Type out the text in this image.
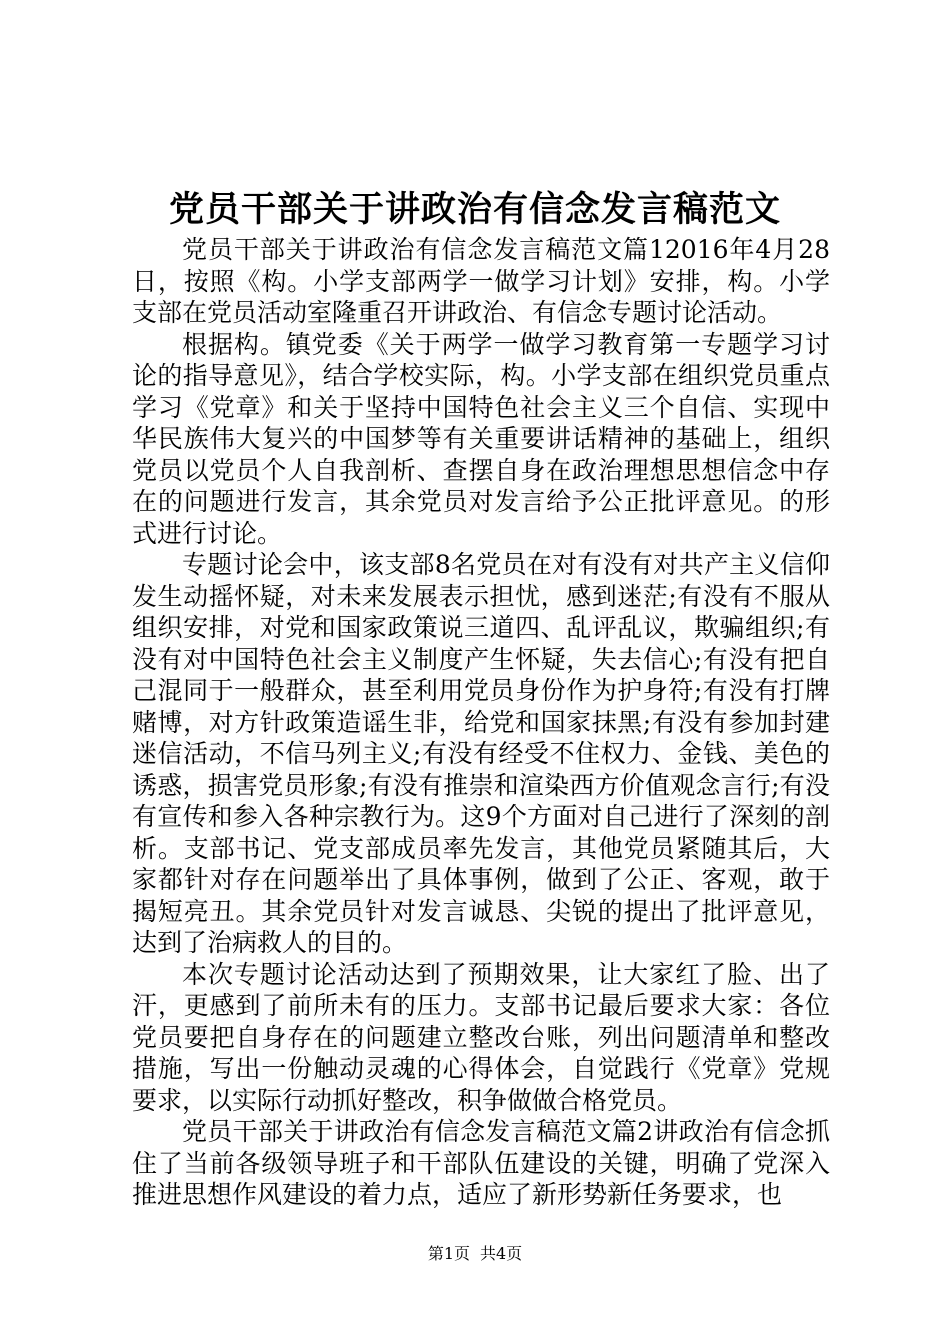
党员干部关于讲政治有信念发言稿范文

党员干部关于讲政治有信念发言稿范文篇12016年4月28日，按照《构。小学支部两学一做学习计划》安排，构。小学支部在党员活动室隆重召开讲政治、有信念专题讨论活动。

根据构。镇党委《关于两学一做学习教育第一专题学习讨论的指导意见》，结合学校实际，构。小学支部在组织党员重点学习《党章》和关于坚持中国特色社会主义三个自信、实现中华民族伟大复兴的中国梦等有关重要讲话精神的基础上，组织党员以党员个人自我剖析、查摆自身在政治理想思想信念中存在的问题进行发言，其余党员对发言给予公正批评意见。的形式进行讨论。

专题讨论会中，该支部8名党员在对有没有对共产主义信仰发生动摇怀疑，对未来发展表示担忧，感到迷茫;有没有不服从组织安排，对党和国家政策说三道四、乱评乱议，欺骗组织;有没有对中国特色社会主义制度产生怀疑，失去信心;有没有把自己混同于一般群众，甚至利用党员身份作为护身符;有没有打牌赌博，对方针政策造谣生非，给党和国家抹黑;有没有参加封建迷信活动，不信马列主义;有没有经受不住权力、金钱、美色的诱惑，损害党员形象;有没有推崇和渲染西方价值观念言行;有没有宣传和参入各种宗教行为。这9个方面对自己进行了深刻的剖析。支部书记、党支部成员率先发言，其他党员紧随其后，大家都针对存在问题举出了具体事例，做到了公正、客观，敢于揭短亮丑。其余党员针对发言诚恳、尖锐的提出了批评意见，达到了治病救人的目的。

本次专题讨论活动达到了预期效果，让大家红了脸、出了汗，更感到了前所未有的压力。支部书记最后要求大家：各位党员要把自身存在的问题建立整改台账，列出问题清单和整改措施，写出一份触动灵魂的心得体会，自觉践行《党章》党规要求，以实际行动抓好整改，积争做做合格党员。

党员干部关于讲政治有信念发言稿范文篇2讲政治有信念抓住了当前各级领导班子和干部队伍建设的关键，明确了党深入推进思想作风建设的着力点，适应了新形势新任务要求，也

第1页 共4页
